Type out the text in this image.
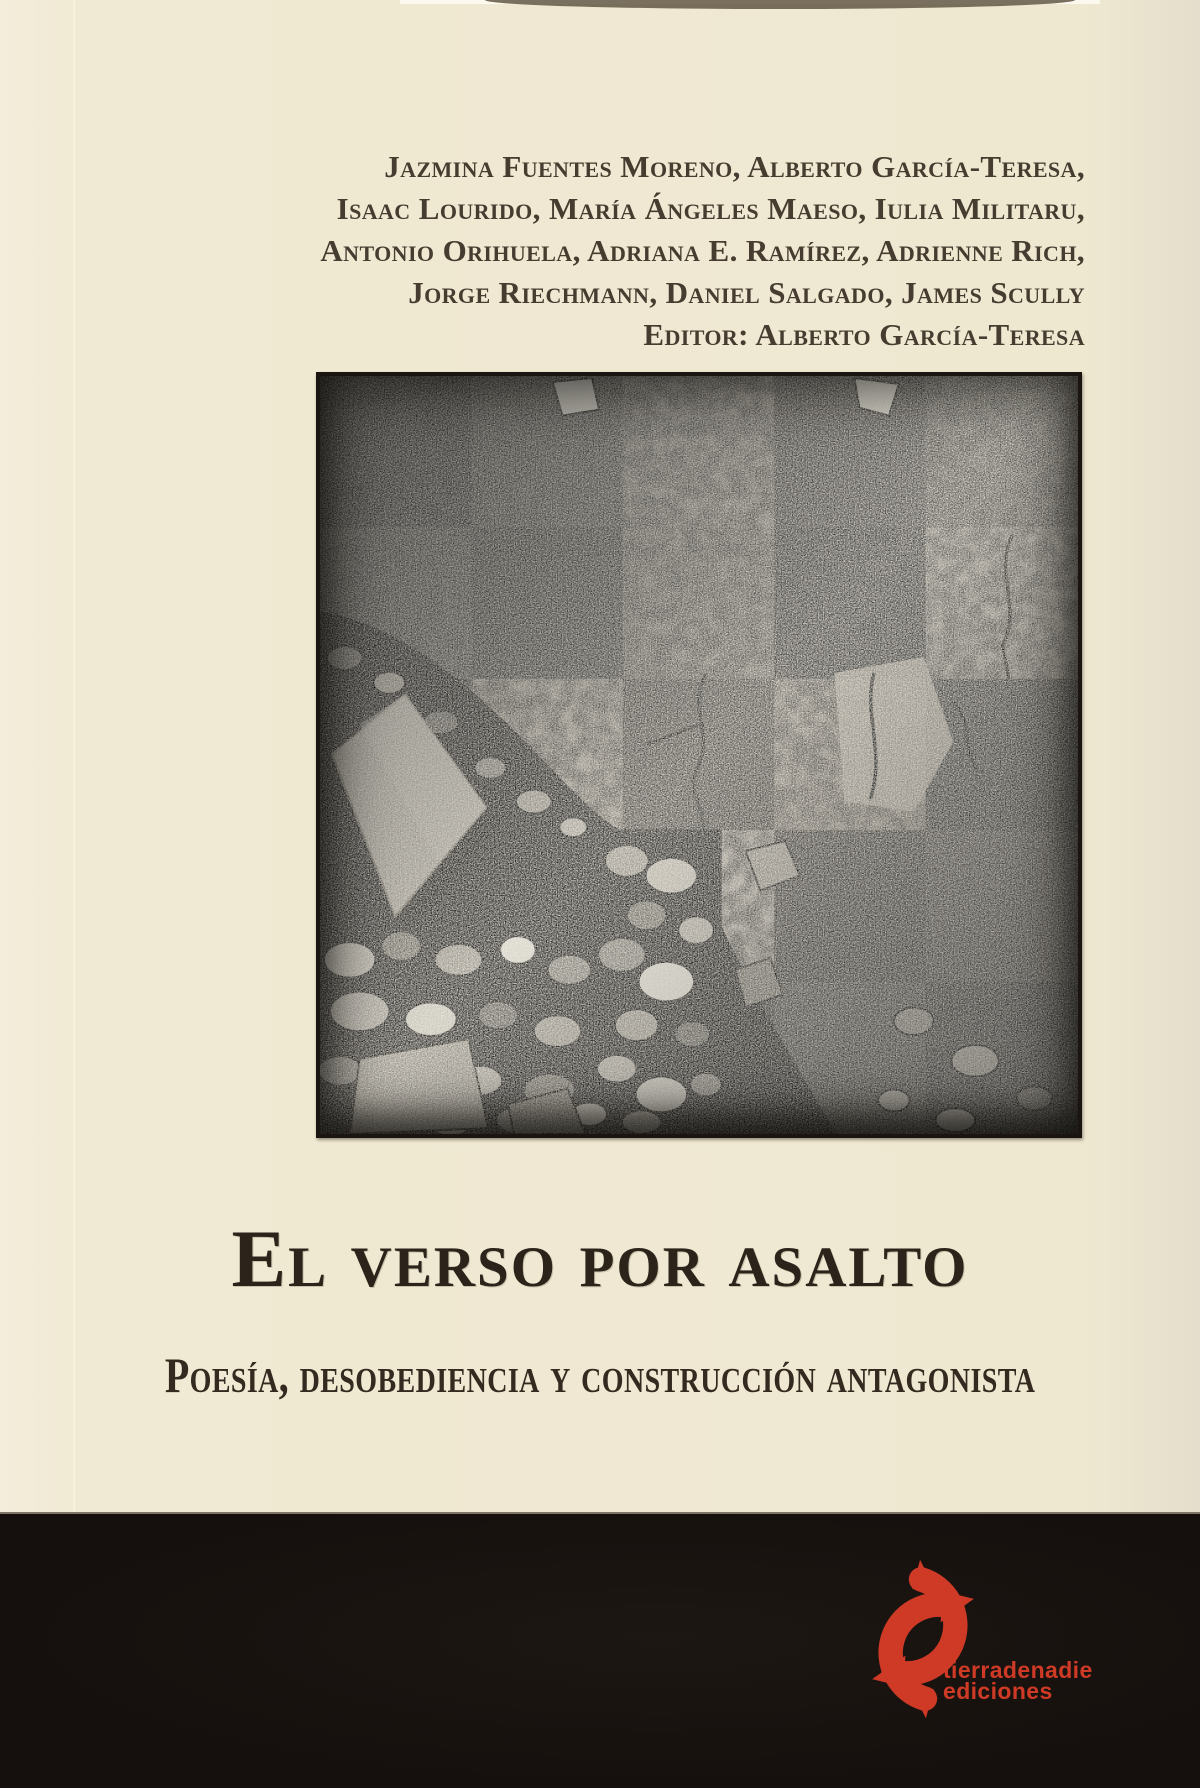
Jazmina Fuentes Moreno, Alberto García-Teresa,
Isaac Lourido, María Ángeles Maeso, Iulia Militaru,
Antonio Orihuela, Adriana E. Ramírez, Adrienne Rich,
Jorge Riechmann, Daniel Salgado, James Scully
Editor: Alberto García-Teresa
El verso por asalto
Poesía, desobediencia y construcción antagonista
tierradenadie
ediciones
